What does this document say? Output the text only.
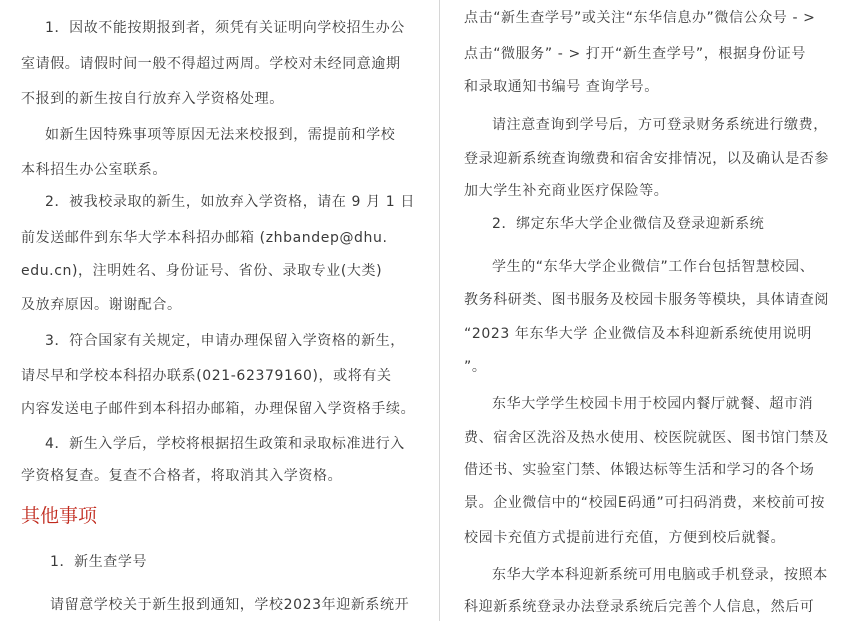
1．因故不能按期报到者，须凭有关证明向学校招生办公
室请假。请假时间一般不得超过两周。学校对未经同意逾期
不报到的新生按自行放弃入学资格处理。
如新生因特殊事项等原因无法来校报到，需提前和学校
本科招生办公室联系。
2．被我校录取的新生，如放弃入学资格，请在 9 月 1 日
前发送邮件到东华大学本科招办邮箱 (zhbandep@dhu.
edu.cn)，注明姓名、身份证号、省份、录取专业(大类)
及放弃原因。谢谢配合。
3．符合国家有关规定，申请办理保留入学资格的新生，
请尽早和学校本科招办联系(021-62379160)，或将有关
内容发送电子邮件到本科招办邮箱，办理保留入学资格手续。
4．新生入学后，学校将根据招生政策和录取标准进行入
学资格复查。复查不合格者，将取消其入学资格。
其他事项
1．新生查学号
请留意学校关于新生报到通知，学校2023年迎新系统开
点击“新生查学号”或关注“东华信息办”微信公众号 - >
点击“微服务” - > 打开“新生查学号”，根据身份证号
和录取通知书编号 查询学号。
请注意查询到学号后，方可登录财务系统进行缴费，
登录迎新系统查询缴费和宿舍安排情况，以及确认是否参
加大学生补充商业医疗保险等。
2．绑定东华大学企业微信及登录迎新系统
学生的“东华大学企业微信”工作台包括智慧校园、
教务科研类、图书服务及校园卡服务等模块，具体请查阅
“2023 年东华大学 企业微信及本科迎新系统使用说明
”。
东华大学学生校园卡用于校园内餐厅就餐、超市消
费、宿舍区洗浴及热水使用、校医院就医、图书馆门禁及
借还书、实验室门禁、体锻达标等生活和学习的各个场
景。企业微信中的“校园E码通”可扫码消费，来校前可按
校园卡充值方式提前进行充值，方便到校后就餐。
东华大学本科迎新系统可用电脑或手机登录，按照本
科迎新系统登录办法登录系统后完善个人信息，然后可
